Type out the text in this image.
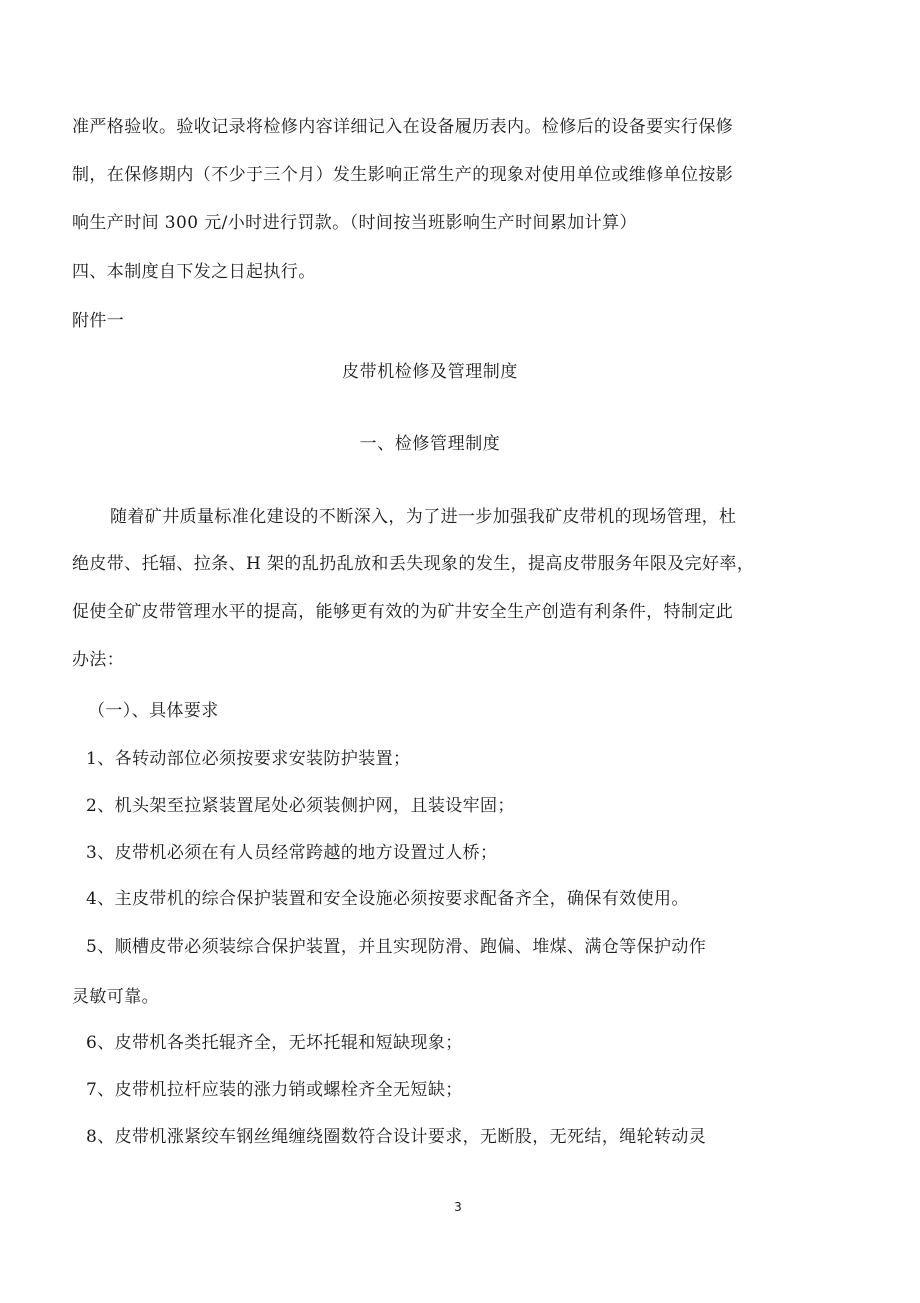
准严格验收。验收记录将检修内容详细记入在设备履历表内。检修后的设备要实行保修
制，在保修期内（不少于三个月）发生影响正常生产的现象对使用单位或维修单位按影
响生产时间 300 元/小时进行罚款。（时间按当班影响生产时间累加计算）
四、本制度自下发之日起执行。
附件一
皮带机检修及管理制度
一、检修管理制度
随着矿井质量标准化建设的不断深入，为了进一步加强我矿皮带机的现场管理，杜
绝皮带、托辐、拉条、H 架的乱扔乱放和丢失现象的发生，提高皮带服务年限及完好率，
促使全矿皮带管理水平的提高，能够更有效的为矿井安全生产创造有利条件，特制定此
办法：
（一）、具体要求
1、各转动部位必须按要求安装防护装置；
2、机头架至拉紧装置尾处必须装侧护网，且装设牢固；
3、皮带机必须在有人员经常跨越的地方设置过人桥；
4、主皮带机的综合保护装置和安全设施必须按要求配备齐全，确保有效使用。
5、顺槽皮带必须装综合保护装置，并且实现防滑、跑偏、堆煤、满仓等保护动作
灵敏可靠。
6、皮带机各类托辊齐全，无坏托辊和短缺现象；
7、皮带机拉杆应装的涨力销或螺栓齐全无短缺；
8、皮带机涨紧绞车钢丝绳缠绕圈数符合设计要求，无断股，无死结，绳轮转动灵
3
